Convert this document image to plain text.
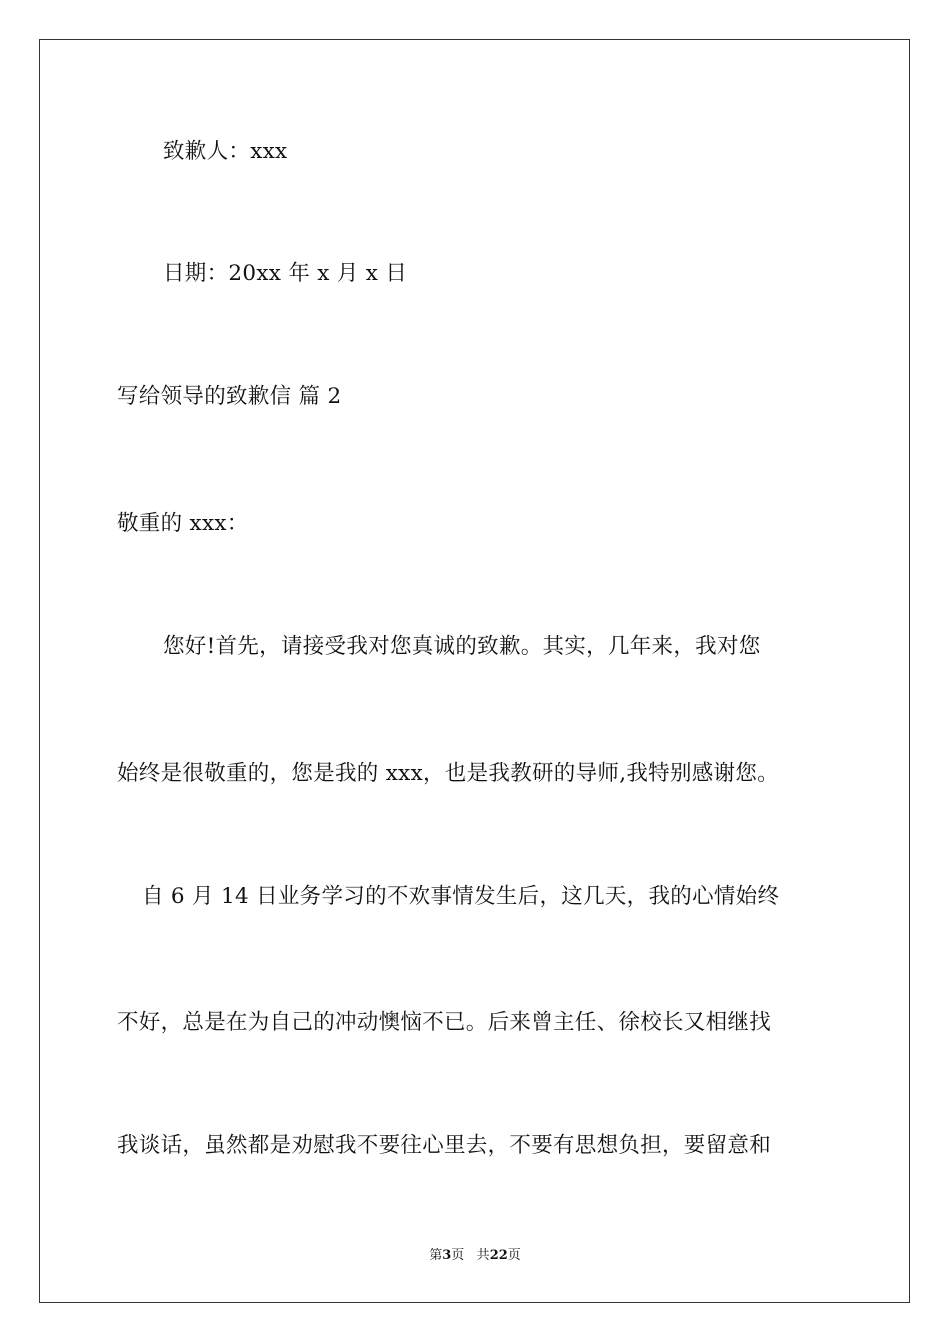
致歉人：xxx
日期：20xx 年 x 月 x 日
写给领导的致歉信 篇 2
敬重的 xxx：
您好!首先，请接受我对您真诚的致歉。其实，几年来，我对您
始终是很敬重的，您是我的 xxx，也是我教研的导师,我特别感谢您。
自 6 月 14 日业务学习的不欢事情发生后，这几天，我的心情始终
不好，总是在为自己的冲动懊恼不已。后来曾主任、徐校长又相继找
我谈话，虽然都是劝慰我不要往心里去，不要有思想负担，要留意和
第3页 共22页
